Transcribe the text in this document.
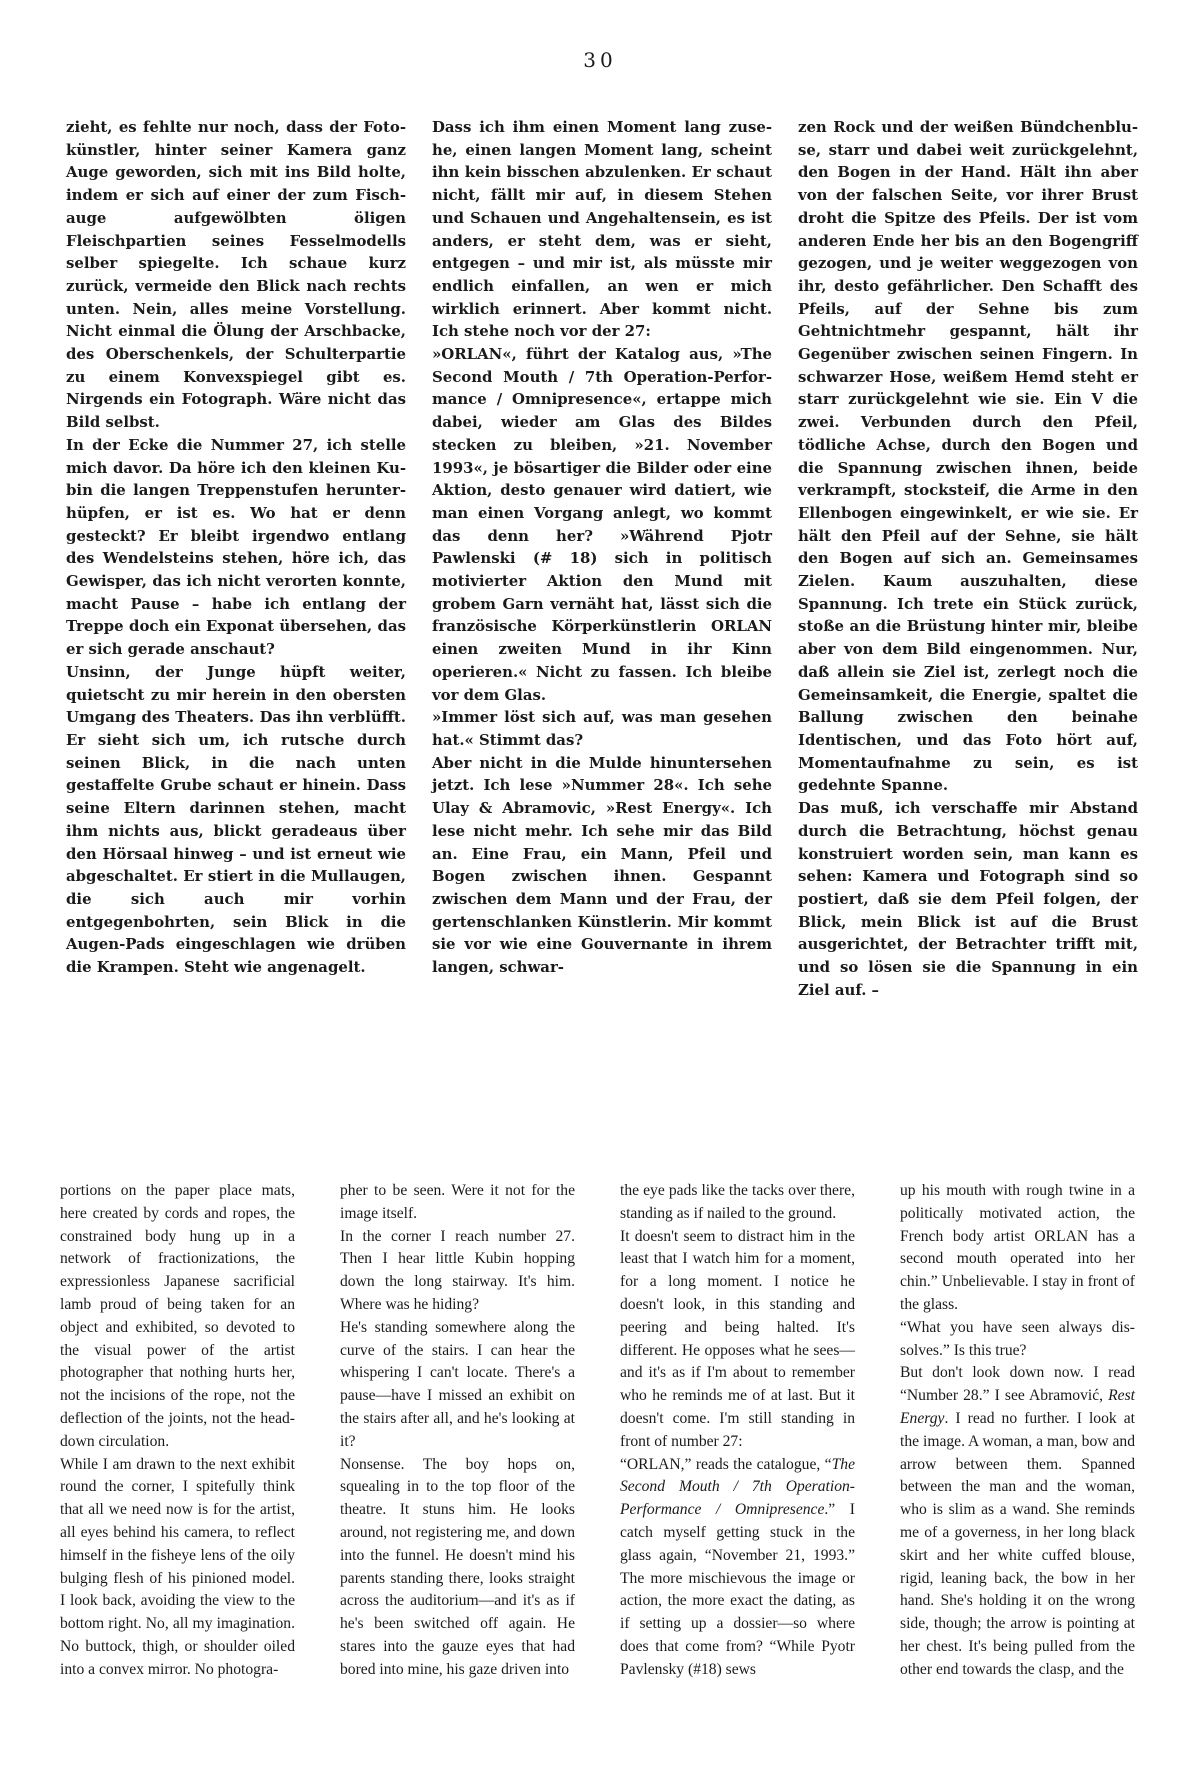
30

zieht, es fehlte nur noch, dass der Fotokünstler, hinter seiner Kamera ganz Auge geworden, sich mit ins Bild holte, indem er sich auf einer der zum Fischauge aufgewölbten öligen Fleischpartien seines Fesselmodells selber spiegelte. Ich schaue kurz zurück, vermeide den Blick nach rechts unten. Nein, alles meine Vorstellung. Nicht einmal die Ölung der Arschbacke, des Oberschenkels, der Schulterpartie zu einem Konvexspiegel gibt es. Nirgends ein Fotograph. Wäre nicht das Bild selbst.

In der Ecke die Nummer 27, ich stelle mich davor. Da höre ich den kleinen Kubin die langen Treppenstufen herunterhüpfen, er ist es. Wo hat er denn gesteckt? Er bleibt irgendwo entlang des Wendelsteins stehen, höre ich, das Gewisper, das ich nicht verorten konnte, macht Pause – habe ich entlang der Treppe doch ein Exponat übersehen, das er sich gerade anschaut?

Unsinn, der Junge hüpft weiter, quietscht zu mir herein in den obersten Umgang des Theaters. Das ihn verblüfft. Er sieht sich um, ich rutsche durch seinen Blick, in die nach unten gestaffelte Grube schaut er hinein. Dass seine Eltern darinnen stehen, macht ihm nichts aus, blickt geradeaus über den Hörsaal hinweg – und ist erneut wie abgeschaltet. Er stiert in die Mullaugen, die sich auch mir vorhin entgegenbohrten, sein Blick in die Augen-Pads eingeschlagen wie drüben die Krampen. Steht wie angenagelt.

Dass ich ihm einen Moment lang zusehe, einen langen Moment lang, scheint ihn kein bisschen abzulenken. Er schaut nicht, fällt mir auf, in diesem Stehen und Schauen und Angehaltensein, es ist anders, er steht dem, was er sieht, entgegen – und mir ist, als müsste mir endlich einfallen, an wen er mich wirklich erinnert. Aber kommt nicht. Ich stehe noch vor der 27:

»ORLAN«, führt der Katalog aus, »The Second Mouth / 7th Operation-Performance / Omnipresence«, ertappe mich dabei, wieder am Glas des Bildes stecken zu bleiben, »21. November 1993«, je bösartiger die Bilder oder eine Aktion, desto genauer wird datiert, wie man einen Vorgang anlegt, wo kommt das denn her? »Während Pjotr Pawlenski (# 18) sich in politisch motivierter Aktion den Mund mit grobem Garn vernäht hat, lässt sich die französische Körperkünstlerin ORLAN einen zweiten Mund in ihr Kinn operieren.« Nicht zu fassen. Ich bleibe vor dem Glas.

»Immer löst sich auf, was man gesehen hat.« Stimmt das?

Aber nicht in die Mulde hinuntersehen jetzt. Ich lese »Nummer 28«. Ich sehe Ulay & Abramovic, »Rest Energy«. Ich lese nicht mehr. Ich sehe mir das Bild an. Eine Frau, ein Mann, Pfeil und Bogen zwischen ihnen. Gespannt zwischen dem Mann und der Frau, der gertenschlanken Künstlerin. Mir kommt sie vor wie eine Gouvernante in ihrem langen, schwar-

zen Rock und der weißen Bündchenbluse, starr und dabei weit zurückgelehnt, den Bogen in der Hand. Hält ihn aber von der falschen Seite, vor ihrer Brust droht die Spitze des Pfeils. Der ist vom anderen Ende her bis an den Bogengriff gezogen, und je weiter weggezogen von ihr, desto gefährlicher. Den Schafft des Pfeils, auf der Sehne bis zum Gehtnichtmehr gespannt, hält ihr Gegenüber zwischen seinen Fingern. In schwarzer Hose, weißem Hemd steht er starr zurückgelehnt wie sie. Ein V die zwei. Verbunden durch den Pfeil, tödliche Achse, durch den Bogen und die Spannung zwischen ihnen, beide verkrampft, stocksteif, die Arme in den Ellenbogen eingewinkelt, er wie sie. Er hält den Pfeil auf der Sehne, sie hält den Bogen auf sich an. Gemeinsames Zielen. Kaum auszuhalten, diese Spannung. Ich trete ein Stück zurück, stoße an die Brüstung hinter mir, bleibe aber von dem Bild eingenommen. Nur, daß allein sie Ziel ist, zerlegt noch die Gemeinsamkeit, die Energie, spaltet die Ballung zwischen den beinahe Identischen, und das Foto hört auf, Momentaufnahme zu sein, es ist gedehnte Spanne.

Das muß, ich verschaffe mir Abstand durch die Betrachtung, höchst genau konstruiert worden sein, man kann es sehen: Kamera und Fotograph sind so postiert, daß sie dem Pfeil folgen, der Blick, mein Blick ist auf die Brust ausgerichtet, der Betrachter trifft mit, und so lösen sie die Spannung in ein Ziel auf. –

portions on the paper place mats, here created by cords and ropes, the constrained body hung up in a network of fractionizations, the expressionless Japanese sacrificial lamb proud of being taken for an object and exhibited, so devoted to the visual power of the artist photographer that nothing hurts her, not the incisions of the rope, not the deflection of the joints, not the head-down circulation.

While I am drawn to the next exhibit round the corner, I spitefully think that all we need now is for the artist, all eyes behind his camera, to reflect himself in the fisheye lens of the oily bulging flesh of his pinioned model. I look back, avoiding the view to the bottom right. No, all my imagination. No buttock, thigh, or shoulder oiled into a convex mirror. No photogra-

pher to be seen. Were it not for the image itself.

In the corner I reach number 27. Then I hear little Kubin hopping down the long stairway. It's him. Where was he hiding?

He's standing somewhere along the curve of the stairs. I can hear the whispering I can't locate. There's a pause—have I missed an exhibit on the stairs after all, and he's looking at it?

Nonsense. The boy hops on, squealing in to the top floor of the theatre. It stuns him. He looks around, not registering me, and down into the funnel. He doesn't mind his parents standing there, looks straight across the auditorium—and it's as if he's been switched off again. He stares into the gauze eyes that had bored into mine, his gaze driven into

the eye pads like the tacks over there, standing as if nailed to the ground.

It doesn't seem to distract him in the least that I watch him for a moment, for a long moment. I notice he doesn't look, in this standing and peering and being halted. It's different. He opposes what he sees—and it's as if I'm about to remember who he reminds me of at last. But it doesn't come. I'm still standing in front of number 27:

“ORLAN,” reads the catalogue, “The Second Mouth / 7th Operation-Performance / Omnipresence.” I catch myself getting stuck in the glass again, “November 21, 1993.” The more mischievous the image or action, the more exact the dating, as if setting up a dossier—so where does that come from? “While Pyotr Pavlensky (#18) sews

up his mouth with rough twine in a politically motivated action, the French body artist ORLAN has a second mouth operated into her chin.” Unbelievable. I stay in front of the glass.

“What you have seen always dissolves.” Is this true?

But don't look down now. I read “Number 28.” I see Abramović, Rest Energy. I read no further. I look at the image. A woman, a man, bow and arrow between them. Spanned between the man and the woman, who is slim as a wand. She reminds me of a governess, in her long black skirt and her white cuffed blouse, rigid, leaning back, the bow in her hand. She's holding it on the wrong side, though; the arrow is pointing at her chest. It's being pulled from the other end towards the clasp, and the
